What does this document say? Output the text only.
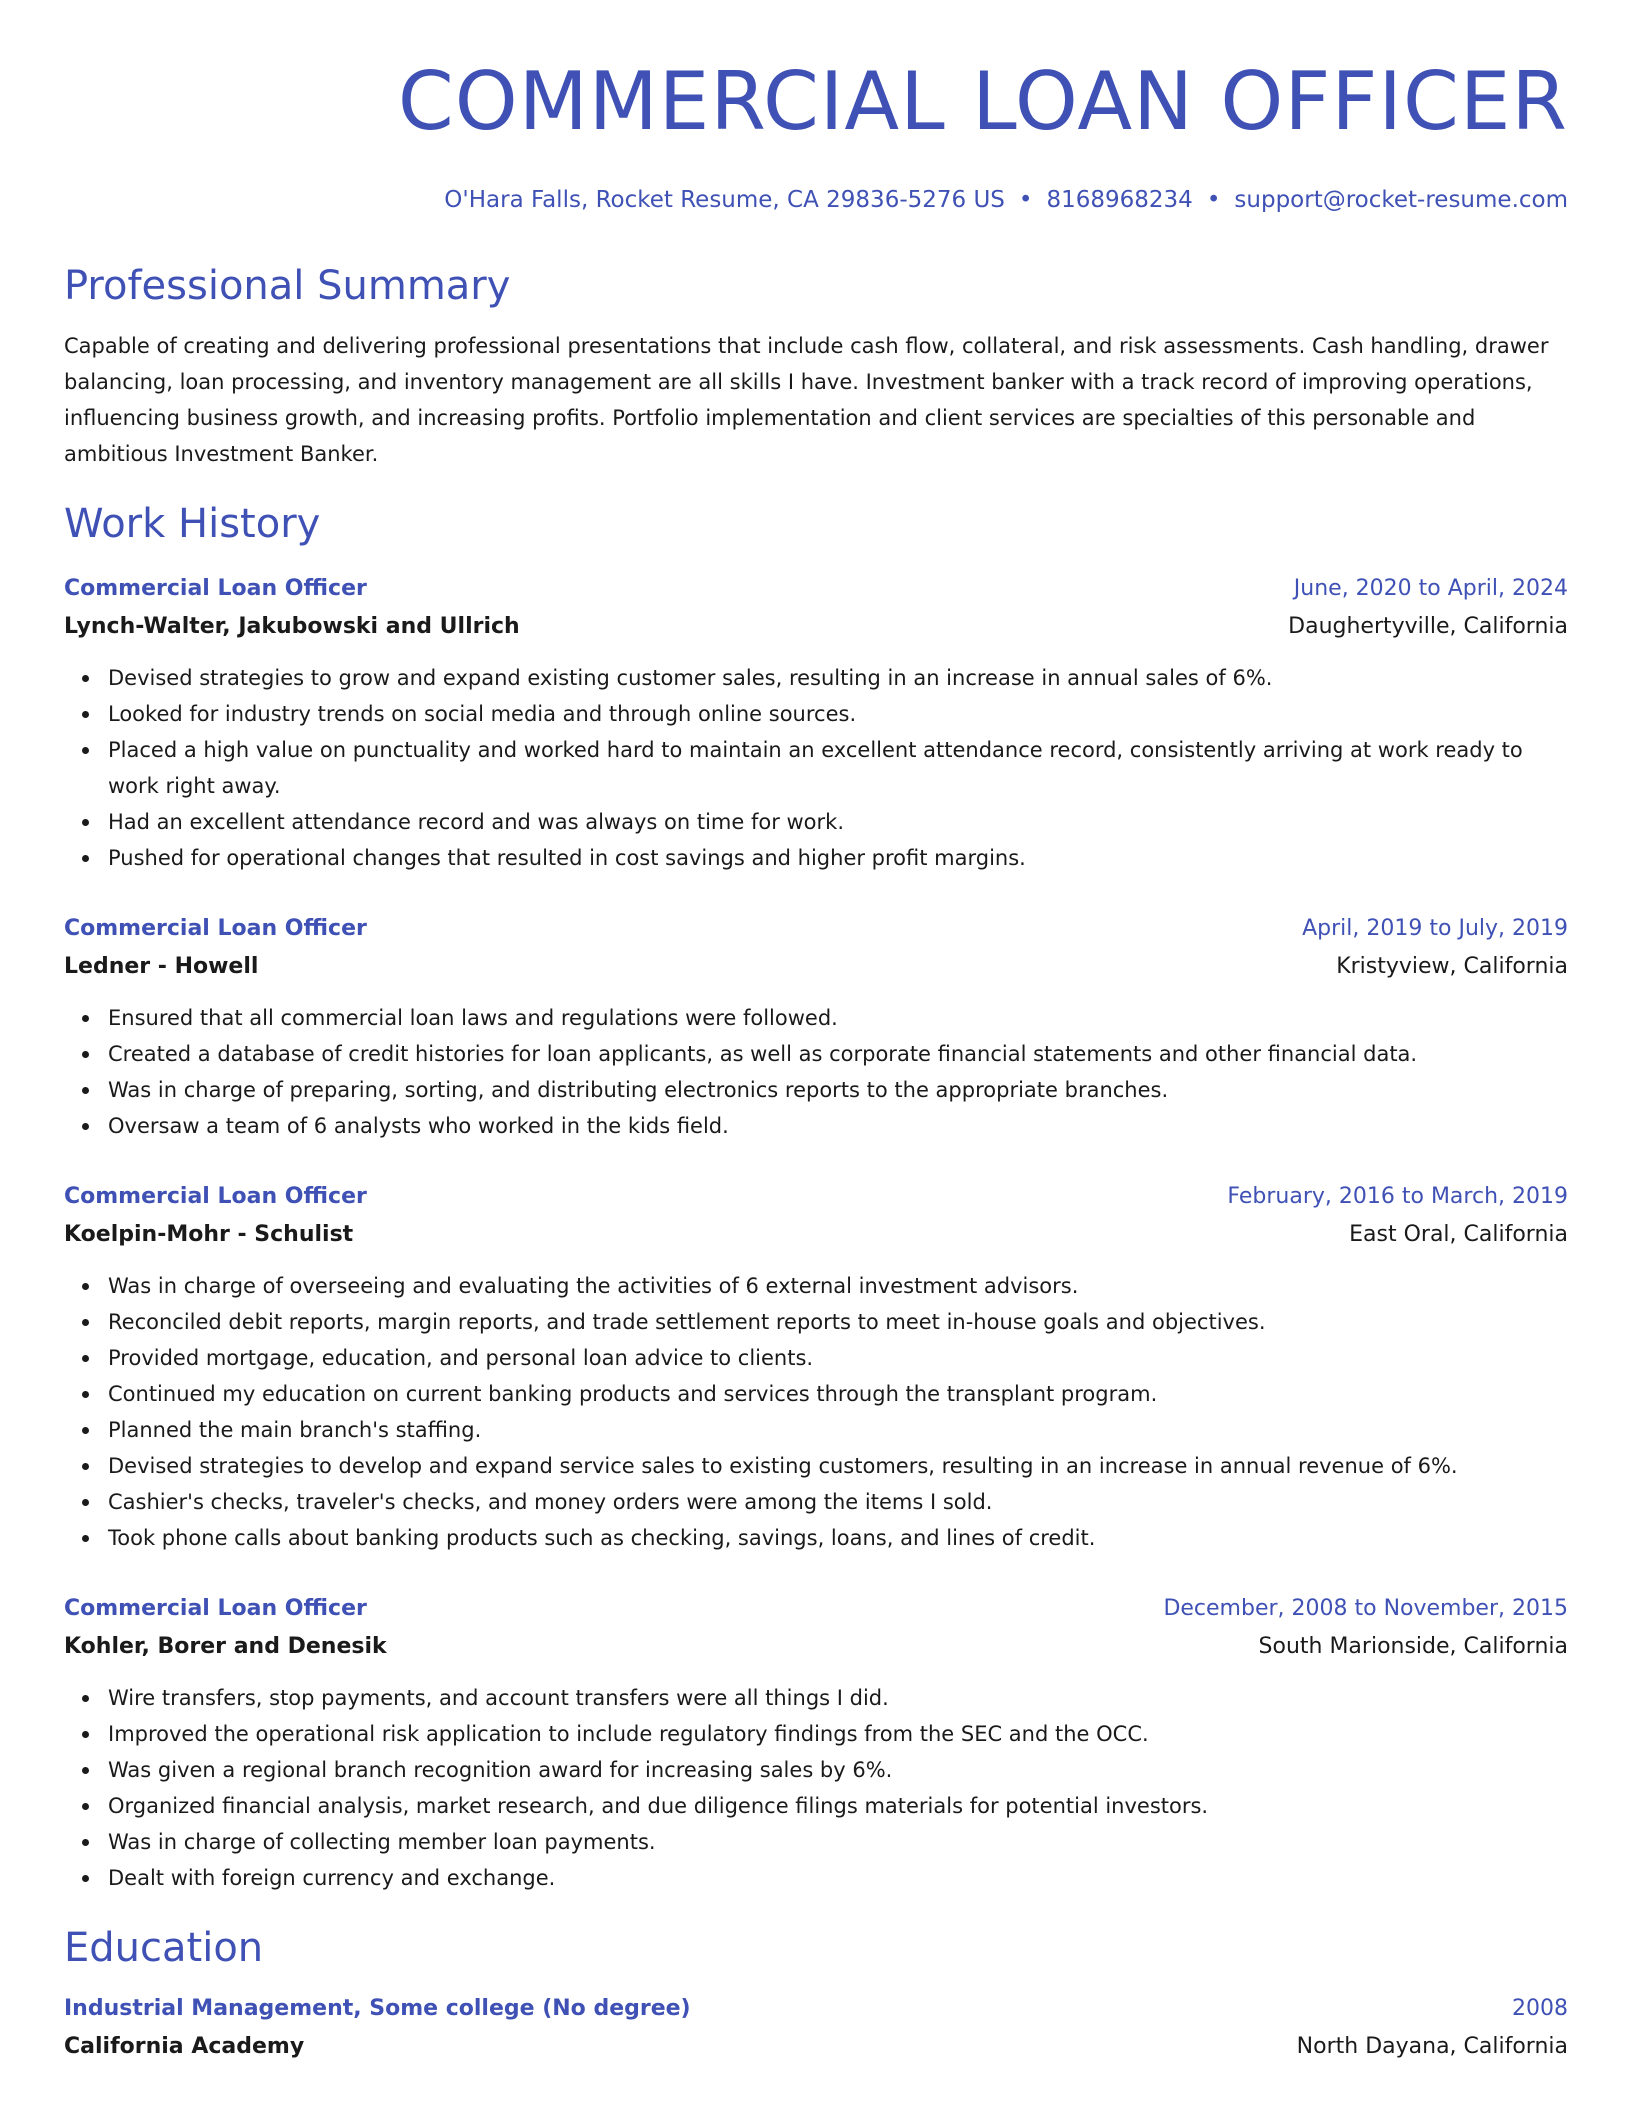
COMMERCIAL LOAN OFFICER
O'Hara Falls, Rocket Resume, CA 29836-5276 US • 8168968234 • support@rocket-resume.com
Professional Summary
Capable of creating and delivering professional presentations that include cash flow, collateral, and risk assessments. Cash handling, drawer balancing, loan processing, and inventory management are all skills I have. Investment banker with a track record of improving operations, influencing business growth, and increasing profits. Portfolio implementation and client services are specialties of this personable and ambitious Investment Banker.
Work History
Commercial Loan Officer	June, 2020 to April, 2024
Lynch-Walter, Jakubowski and Ullrich	Daughertyville, California
Devised strategies to grow and expand existing customer sales, resulting in an increase in annual sales of 6%.
Looked for industry trends on social media and through online sources.
Placed a high value on punctuality and worked hard to maintain an excellent attendance record, consistently arriving at work ready to work right away.
Had an excellent attendance record and was always on time for work.
Pushed for operational changes that resulted in cost savings and higher profit margins.
Commercial Loan Officer	April, 2019 to July, 2019
Ledner - Howell	Kristyview, California
Ensured that all commercial loan laws and regulations were followed.
Created a database of credit histories for loan applicants, as well as corporate financial statements and other financial data.
Was in charge of preparing, sorting, and distributing electronics reports to the appropriate branches.
Oversaw a team of 6 analysts who worked in the kids field.
Commercial Loan Officer	February, 2016 to March, 2019
Koelpin-Mohr - Schulist	East Oral, California
Was in charge of overseeing and evaluating the activities of 6 external investment advisors.
Reconciled debit reports, margin reports, and trade settlement reports to meet in-house goals and objectives.
Provided mortgage, education, and personal loan advice to clients.
Continued my education on current banking products and services through the transplant program.
Planned the main branch's staffing.
Devised strategies to develop and expand service sales to existing customers, resulting in an increase in annual revenue of 6%.
Cashier's checks, traveler's checks, and money orders were among the items I sold.
Took phone calls about banking products such as checking, savings, loans, and lines of credit.
Commercial Loan Officer	December, 2008 to November, 2015
Kohler, Borer and Denesik	South Marionside, California
Wire transfers, stop payments, and account transfers were all things I did.
Improved the operational risk application to include regulatory findings from the SEC and the OCC.
Was given a regional branch recognition award for increasing sales by 6%.
Organized financial analysis, market research, and due diligence filings materials for potential investors.
Was in charge of collecting member loan payments.
Dealt with foreign currency and exchange.
Education
Industrial Management, Some college (No degree)	2008
California Academy	North Dayana, California
